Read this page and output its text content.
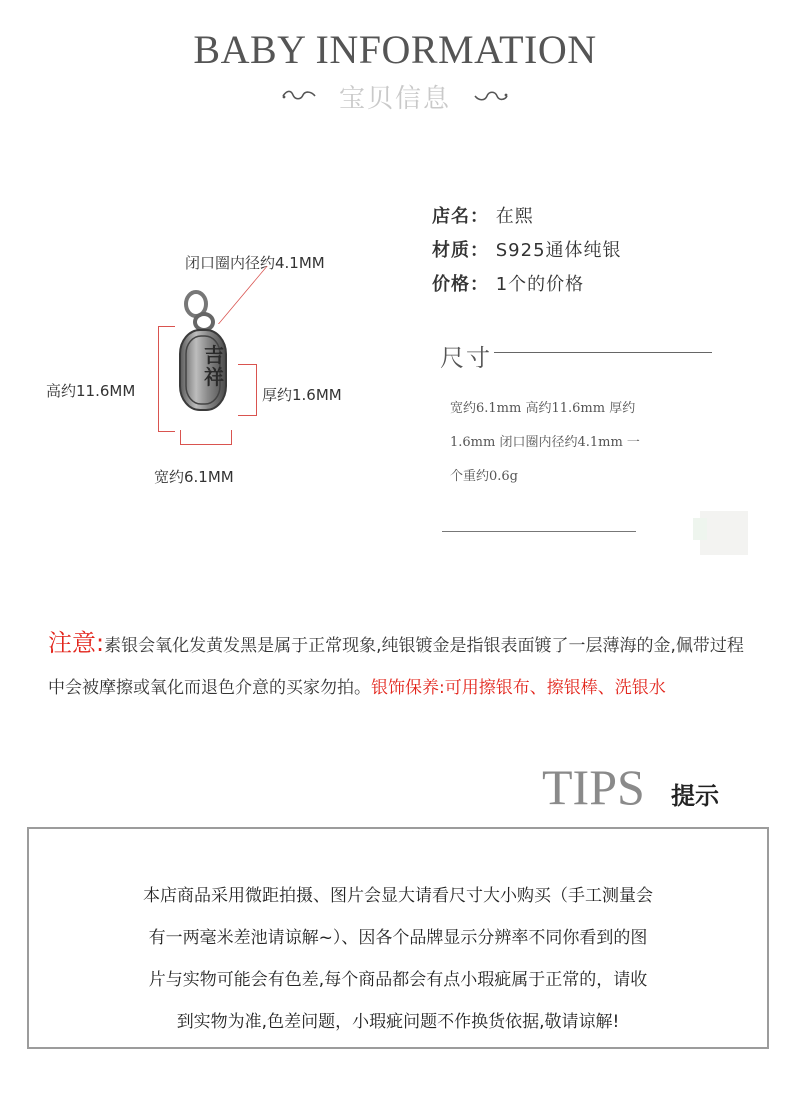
BABY INFORMATION
宝贝信息
吉祥
闭口圈内径约4.1MM
高约11.6MM	厚约1.6MM
宽约6.1MM
店名： 在熙
材质： S925通体纯银
价格： 1个的价格
尺寸
宽约6.1mm 高约11.6mm 厚约
1.6mm 闭口圈内径约4.1mm 一
个重约0.6g
注意:素银会氧化发黄发黑是属于正常现象,纯银镀金是指银表面镀了一层薄海的金,佩带过程中会被摩擦或氧化而退色介意的买家勿拍。银饰保养:可用擦银布、擦银棒、洗银水
TIPS 提示
本店商品采用微距拍摄、图片会显大请看尺寸大小购买（手工测量会
有一两毫米差池请谅解~）、因各个品牌显示分辨率不同你看到的图
片与实物可能会有色差,每个商品都会有点小瑕疵属于正常的，请收
到实物为准,色差问题，小瑕疵问题不作换货依据,敬请谅解!
